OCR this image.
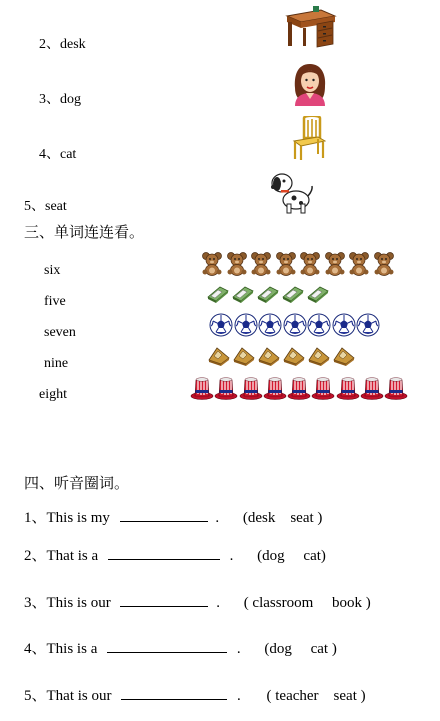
2、desk
3、dog
4、cat
5、seat
三、单词连连看。
six
five
seven
nine
eight
四、听音圈词。
1、This is my	. (desk    seat )
2、That is a	. (dog     cat)
3、This is our	. ( classroom     book )
4、This is a	. (dog     cat )
5、That is our	. ( teacher    seat )
